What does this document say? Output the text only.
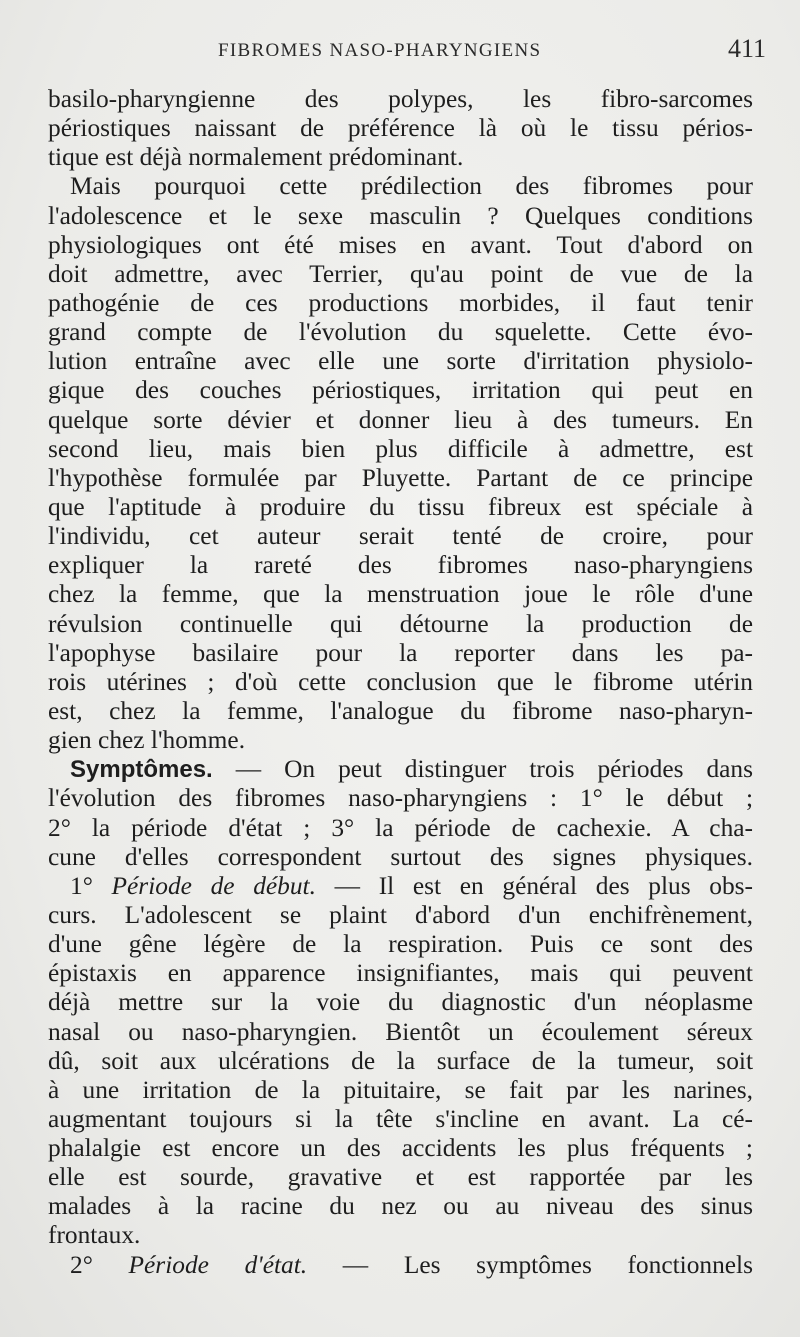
FIBROMES NASO-PHARYNGIENS	411
basilo-pharyngienne des polypes, les fibro-sarcomes
périostiques naissant de préférence là où le tissu périos-
tique est déjà normalement prédominant.
Mais pourquoi cette prédilection des fibromes pour
l'adolescence et le sexe masculin ? Quelques conditions
physiologiques ont été mises en avant. Tout d'abord on
doit admettre, avec Terrier, qu'au point de vue de la
pathogénie de ces productions morbides, il faut tenir
grand compte de l'évolution du squelette. Cette évo-
lution entraîne avec elle une sorte d'irritation physiolo-
gique des couches périostiques, irritation qui peut en
quelque sorte dévier et donner lieu à des tumeurs. En
second lieu, mais bien plus difficile à admettre, est
l'hypothèse formulée par Pluyette. Partant de ce principe
que l'aptitude à produire du tissu fibreux est spéciale à
l'individu, cet auteur serait tenté de croire, pour
expliquer la rareté des fibromes naso-pharyngiens
chez la femme, que la menstruation joue le rôle d'une
révulsion continuelle qui détourne la production de
l'apophyse basilaire pour la reporter dans les pa-
rois utérines ; d'où cette conclusion que le fibrome utérin
est, chez la femme, l'analogue du fibrome naso-pharyn-
gien chez l'homme.
Symptômes. — On peut distinguer trois périodes dans
l'évolution des fibromes naso-pharyngiens : 1° le début ;
2° la période d'état ; 3° la période de cachexie. A cha-
cune d'elles correspondent surtout des signes physiques.
1° Période de début. — Il est en général des plus obs-
curs. L'adolescent se plaint d'abord d'un enchifrènement,
d'une gêne légère de la respiration. Puis ce sont des
épistaxis en apparence insignifiantes, mais qui peuvent
déjà mettre sur la voie du diagnostic d'un néoplasme
nasal ou naso-pharyngien. Bientôt un écoulement séreux
dû, soit aux ulcérations de la surface de la tumeur, soit
à une irritation de la pituitaire, se fait par les narines,
augmentant toujours si la tête s'incline en avant. La cé-
phalalgie est encore un des accidents les plus fréquents ;
elle est sourde, gravative et est rapportée par les
malades à la racine du nez ou au niveau des sinus
frontaux.
2° Période d'état. — Les symptômes fonctionnels
